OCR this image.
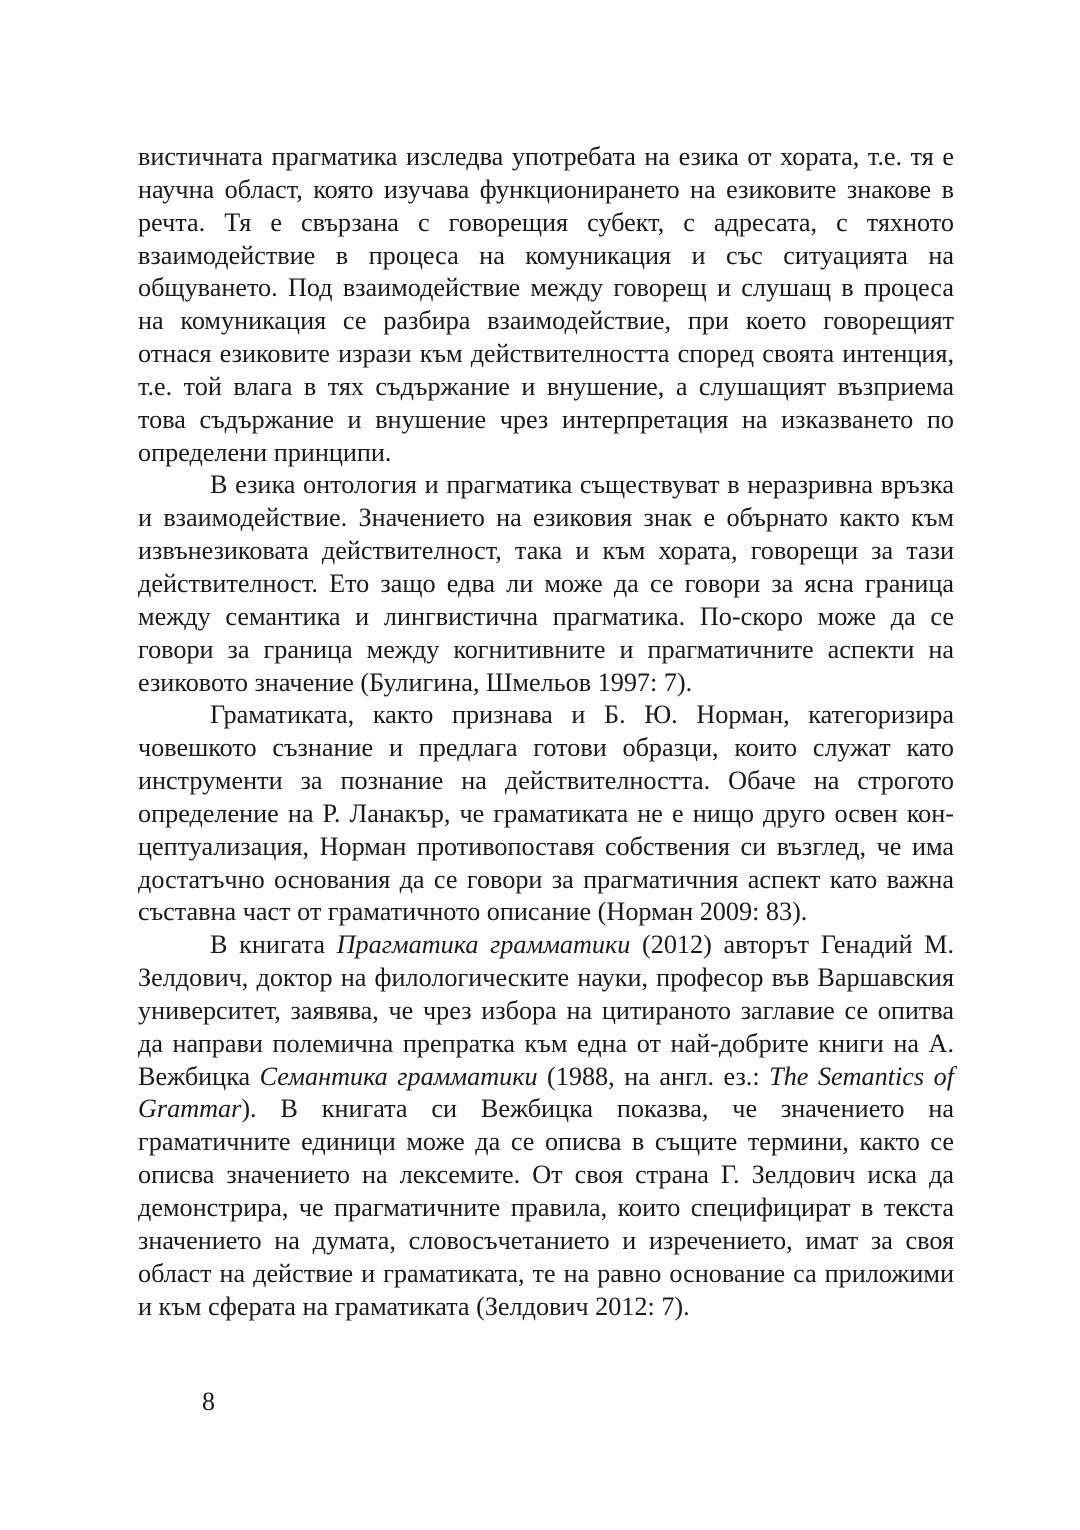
вистичната прагматика изследва употребата на езика от хората, т.е. тя е научна област, която изучава функционирането на езиковите знакове в речта. Тя е свързана с говорещия субект, с адресата, с тяхното взаимодействие в процеса на комуникация и със ситуацията на общуването. Под взаимодействие между говорещ и слушащ в процеса на комуникация се разбира взаимодействие, при което говорещият отнася езиковите изрази към действителността според своята интенция, т.е. той влага в тях съдържание и внушение, а слушащият възприема това съдържание и внушение чрез интерпретация на изказването по определени принципи.

В езика онтология и прагматика съществуват в неразривна връзка и взаимодействие. Значението на езиковия знак е обърнато както към извънезиковата действителност, така и към хората, говорещи за тази действителност. Ето защо едва ли може да се говори за ясна граница между семантика и лингвистична прагматика. По-скоро може да се говори за граница между когнитивните и прагматичните аспекти на езиковото значение (Булигина, Шмельов 1997: 7).

Граматиката, както признава и Б. Ю. Норман, категоризира човешкото съзнание и предлага готови образци, които служат като инструменти за познание на действителността. Обаче на строгото определение на Р. Ланакър, че граматиката не е нищо друго освен концептуализация, Норман противопоставя собствения си възглед, че има достатъчно основания да се говори за прагматичния аспект като важна съставна част от граматичното описание (Норман 2009: 83).

В книгата Прагматика грамматики (2012) авторът Генадий М. Зелдович, доктор на филологическите науки, професор във Варшавския университет, заявява, че чрез избора на цитираното заглавие се опитва да направи полемична препратка към една от най-добрите книги на А. Вежбицка Семантика грамматики (1988, на англ. ез.: The Semantics of Grammar). В книгата си Вежбицка показва, че значението на граматичните единици може да се описва в същите термини, както се описва значението на лексемите. От своя страна Г. Зелдович иска да демонстрира, че прагматичните правила, които специфицират в текста значението на думата, словосъчетанието и изречението, имат за своя област на действие и граматиката, те на равно основание са приложими и към сферата на граматиката (Зелдович 2012: 7).

8
